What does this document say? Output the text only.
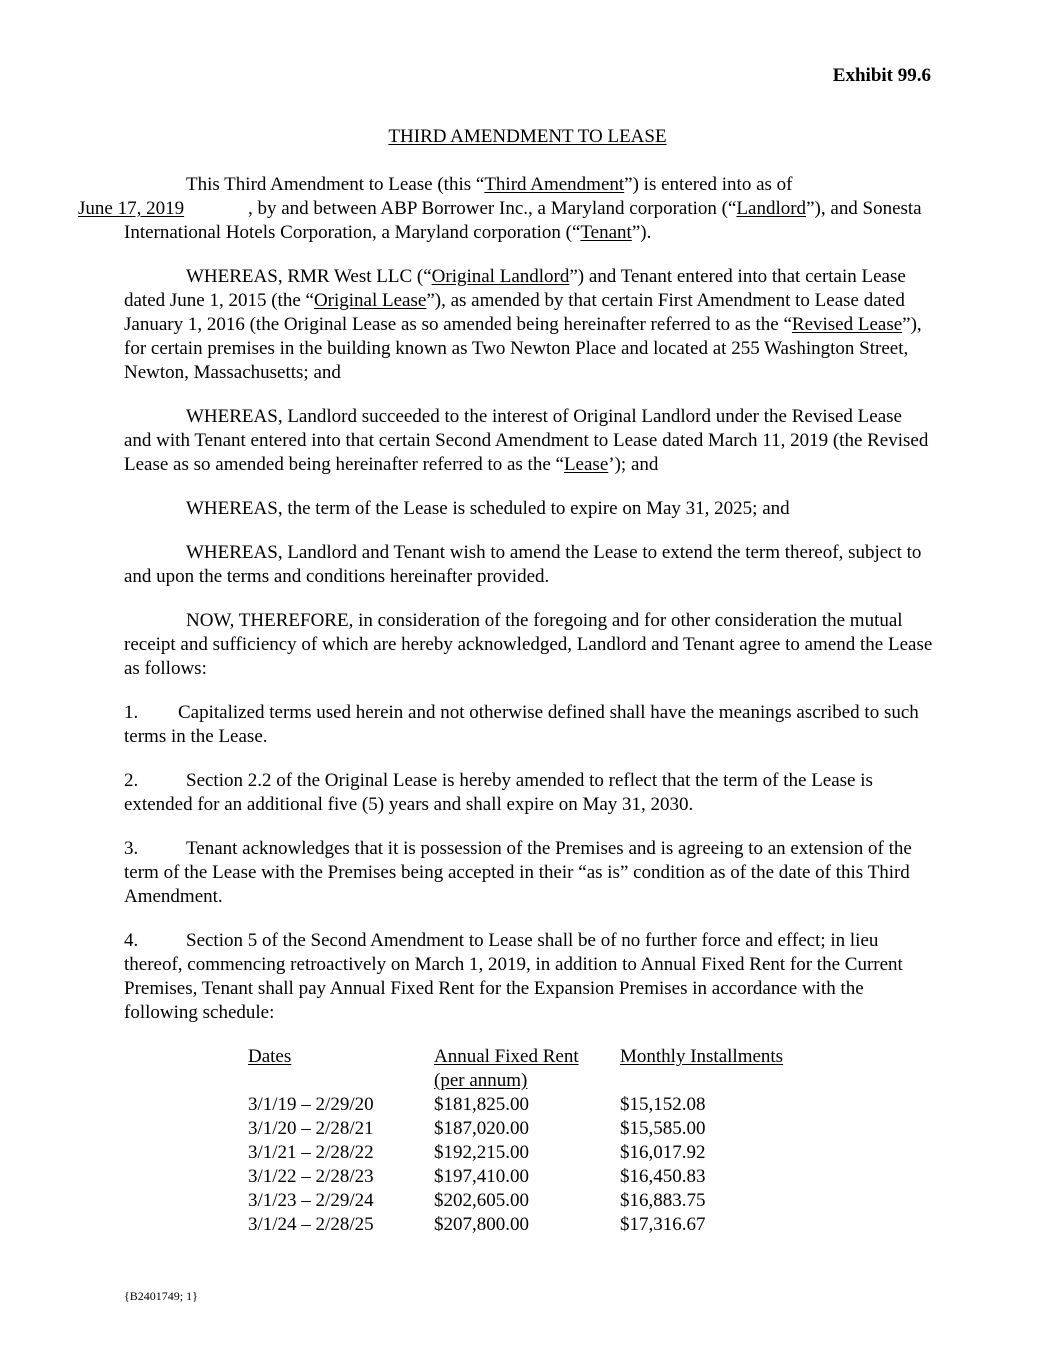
Exhibit 99.6
THIRD AMENDMENT TO LEASE

This Third Amendment to Lease (this “Third Amendment”) is entered into as of
June 17, 2019	, by and between ABP Borrower Inc., a Maryland corporation (“Landlord”), and Sonesta International Hotels Corporation, a Maryland corporation (“Tenant”).

WHEREAS, RMR West LLC (“Original Landlord”) and Tenant entered into that certain Lease dated June 1, 2015 (the “Original Lease”), as amended by that certain First Amendment to Lease dated January 1, 2016 (the Original Lease as so amended being hereinafter referred to as the “Revised Lease”), for certain premises in the building known as Two Newton Place and located at 255 Washington Street, Newton, Massachusetts; and

WHEREAS, Landlord succeeded to the interest of Original Landlord under the Revised Lease and with Tenant entered into that certain Second Amendment to Lease dated March 11, 2019 (the Revised Lease as so amended being hereinafter referred to as the “Lease’); and

WHEREAS, the term of the Lease is scheduled to expire on May 31, 2025; and

WHEREAS, Landlord and Tenant wish to amend the Lease to extend the term thereof, subject to and upon the terms and conditions hereinafter provided.

NOW, THEREFORE, in consideration of the foregoing and for other consideration the mutual receipt and sufficiency of which are hereby acknowledged, Landlord and Tenant agree to amend the Lease as follows:

1. Capitalized terms used herein and not otherwise defined shall have the meanings ascribed to such terms in the Lease.

2.	Section 2.2 of the Original Lease is hereby amended to reflect that the term of the Lease is extended for an additional five (5) years and shall expire on May 31, 2030.

3.	Tenant acknowledges that it is possession of the Premises and is agreeing to an extension of the term of the Lease with the Premises being accepted in their “as is” condition as of the date of this Third Amendment.

4.	Section 5 of the Second Amendment to Lease shall be of no further force and effect; in lieu thereof, commencing retroactively on March 1, 2019, in addition to Annual Fixed Rent for the Current Premises, Tenant shall pay Annual Fixed Rent for the Expansion Premises in accordance with the following schedule:

Dates	Annual Fixed Rent	Monthly Installments
	(per annum)	
3/1/19 – 2/29/20	$181,825.00	$15,152.08
3/1/20 – 2/28/21	$187,020.00	$15,585.00
3/1/21 – 2/28/22	$192,215.00	$16,017.92
3/1/22 – 2/28/23	$197,410.00	$16,450.83
3/1/23 – 2/29/24	$202,605.00	$16,883.75
3/1/24 – 2/28/25	$207,800.00	$17,316.67
{B2401749; 1}
